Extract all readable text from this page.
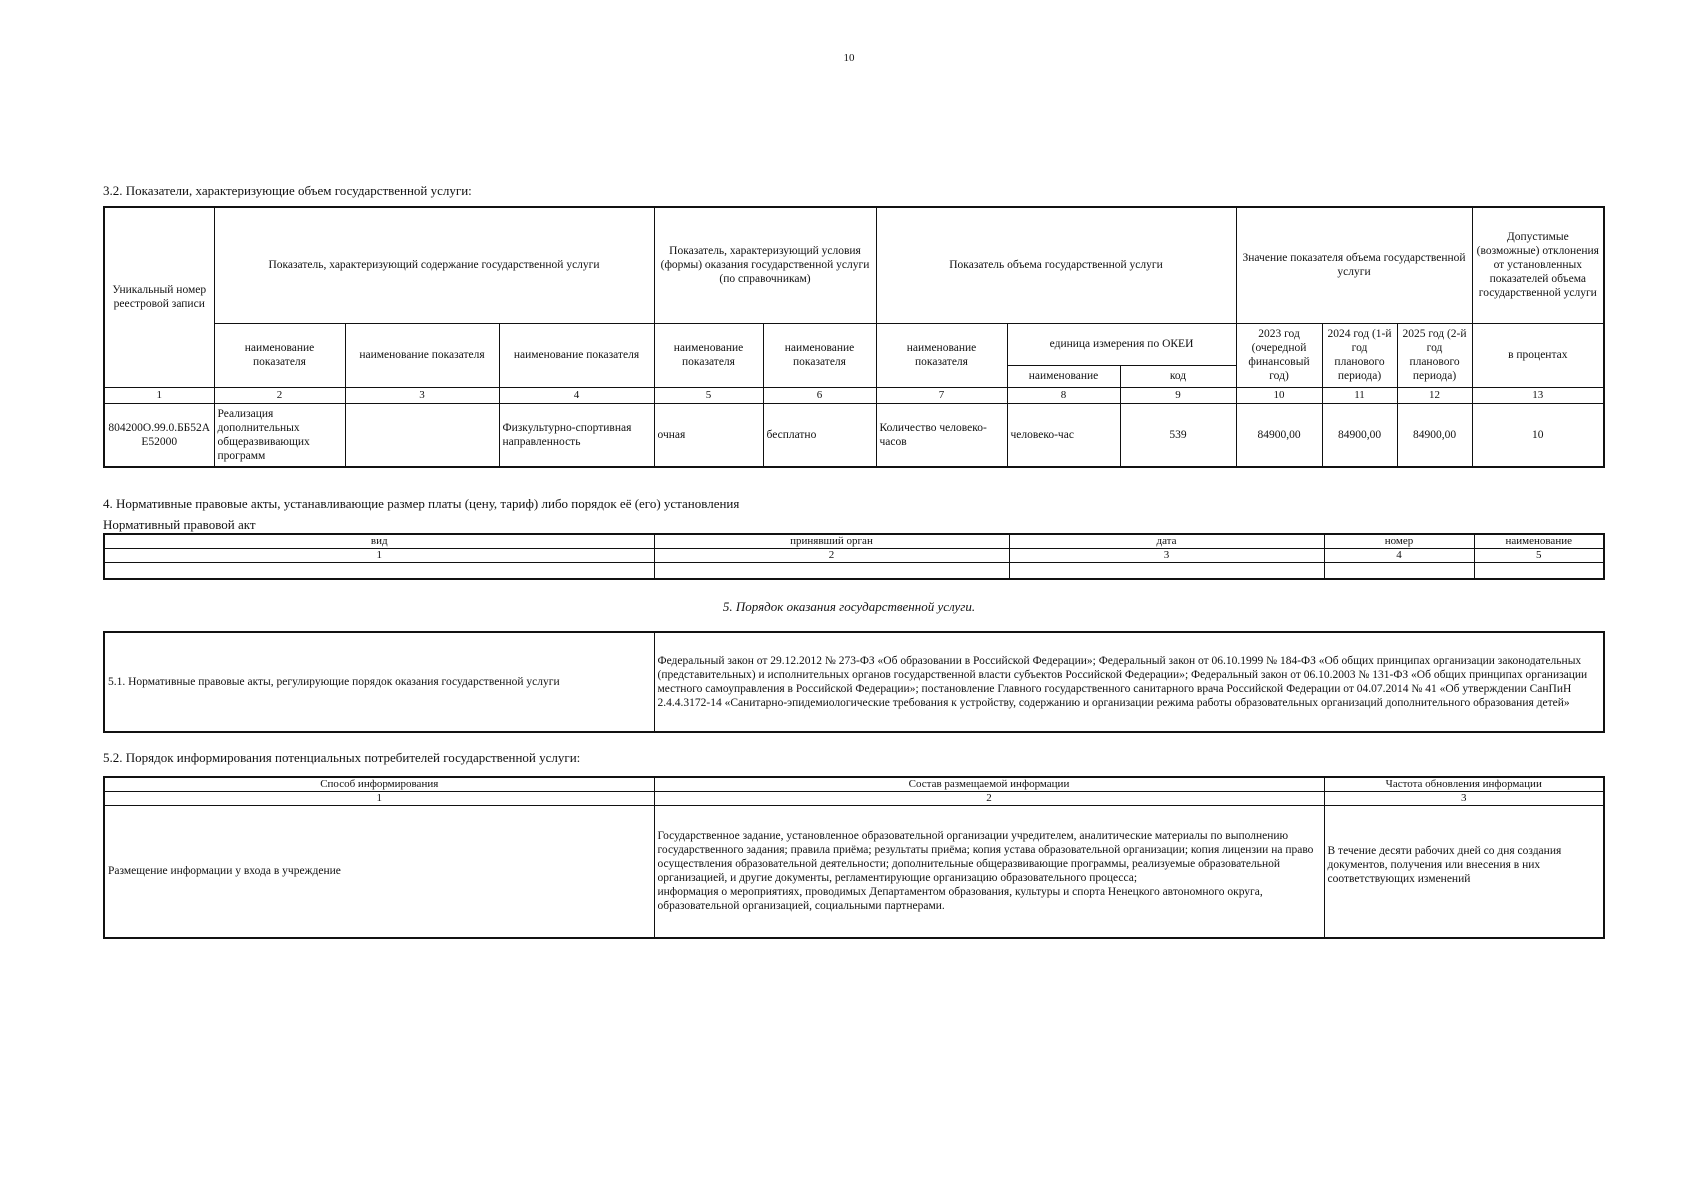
10
3.2. Показатели, характеризующие объем государственной услуги:
Уникальный номер реестровой записи	Показатель, характеризующий содержание государственной услуги			Показатель, характеризующий условия (формы) оказания государственной услуги (по справочникам)		Показатель объема государственной услуги			Значение показателя объема государственной услуги			Допустимые (возможные) отклонения от установленных показателей объема государственной услуги
	наименование показателя	наименование показателя	наименование показателя	наименование показателя	наименование показателя	наименование показателя	единица измерения по ОКЕИ		2023 год (очередной финансовый год)	2024 год (1-й год планового периода)	2025 год (2-й год планового периода)	в процентах
							наименование	код				
1	2	3	4	5	6	7	8	9	10	11	12	13
804200О.99.0.ББ52АЕ52000	Реализация дополнительных общеразвивающих программ		Физкультурно-спортивная направленность	очная	бесплатно	Количество человеко-часов	человеко-час	539	84900,00	84900,00	84900,00	10
4. Нормативные правовые акты, устанавливающие размер платы (цену, тариф) либо порядок её (его) установления
Нормативный правовой акт
вид	принявший орган	дата	номер	наименование
1	2	3	4	5

5. Порядок оказания государственной услуги.
5.1. Нормативные правовые акты, регулирующие порядок оказания государственной услуги	Федеральный закон от 29.12.2012 № 273-ФЗ «Об образовании в Российской Федерации»; Федеральный закон от 06.10.1999 № 184-ФЗ «Об общих принципах организации законодательных (представительных) и исполнительных органов государственной власти субъектов Российской Федерации»; Федеральный закон от 06.10.2003 № 131-ФЗ «Об общих принципах организации местного самоуправления в Российской Федерации»; постановление Главного государственного санитарного врача Российской Федерации от 04.07.2014 № 41 «Об утверждении СанПиН 2.4.4.3172-14 «Санитарно-эпидемиологические требования к устройству, содержанию и организации режима работы образовательных организаций дополнительного образования детей»
5.2. Порядок информирования потенциальных потребителей государственной услуги:
Способ информирования	Состав размещаемой информации	Частота обновления информации
1	2	3
Размещение информации у входа в учреждение	Государственное задание, установленное образовательной организации учредителем, аналитические материалы по выполнению государственного задания; правила приёма; результаты приёма; копия устава образовательной организации; копия лицензии на право осуществления образовательной деятельности; дополнительные общеразвивающие программы, реализуемые образовательной организацией, и другие документы, регламентирующие организацию образовательного процесса;
информация о мероприятиях, проводимых Департаментом образования, культуры и спорта Ненецкого автономного округа, образовательной организацией, социальными партнерами.	В течение десяти рабочих дней со дня создания документов, получения или внесения в них соответствующих изменений
